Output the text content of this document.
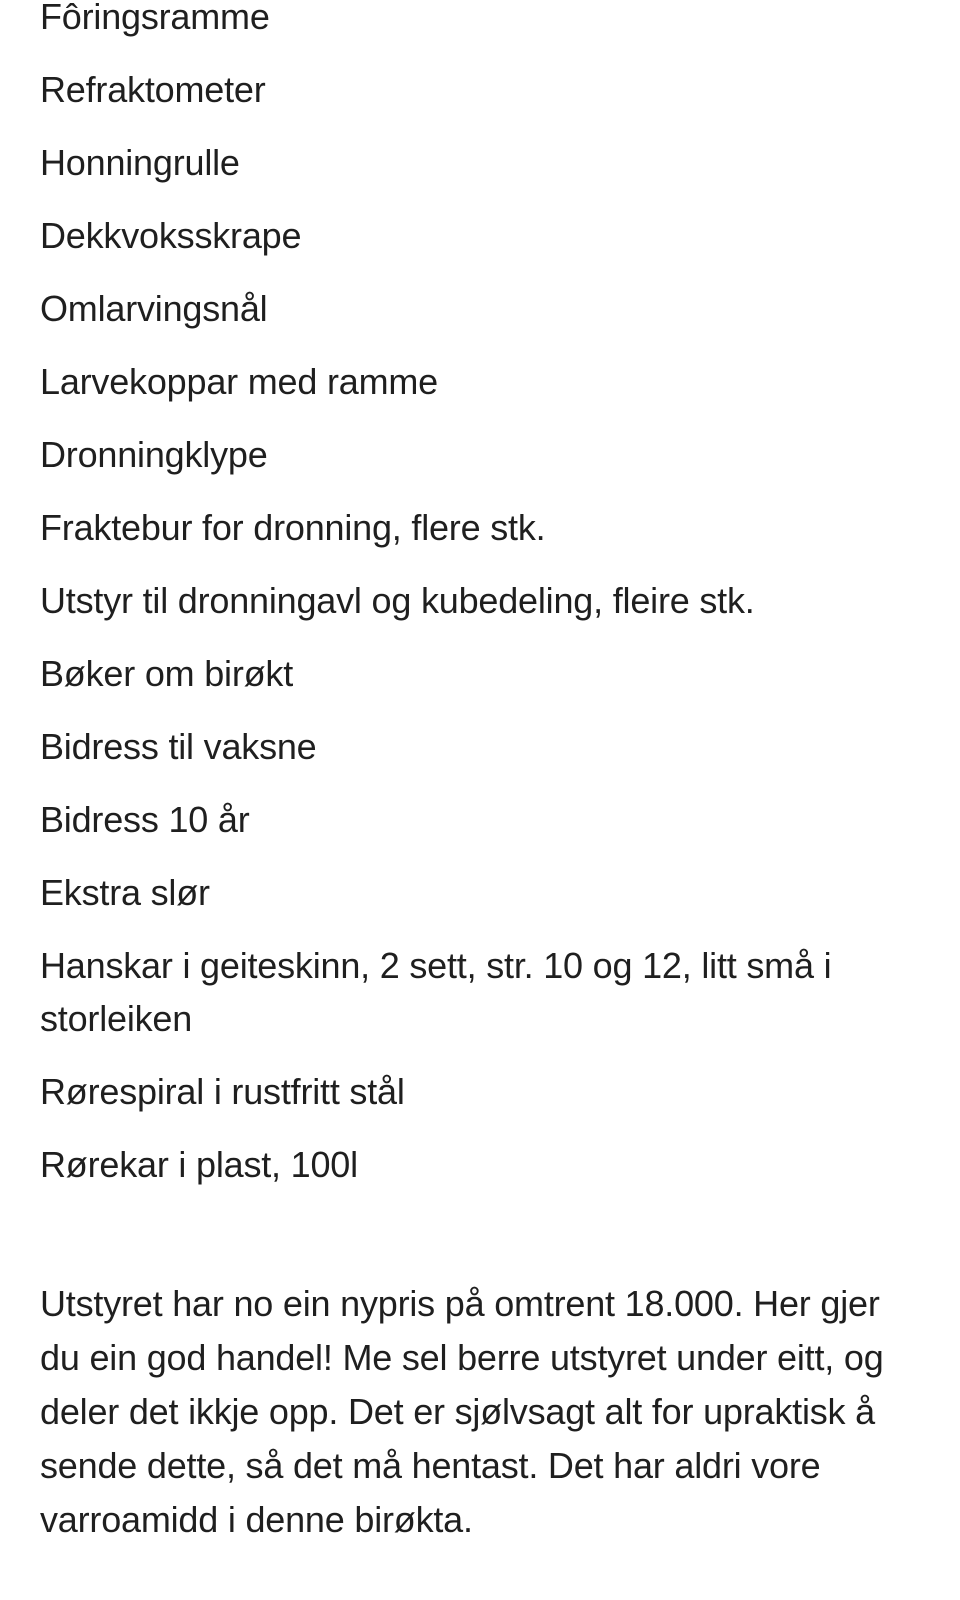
Fôringsramme
Refraktometer
Honningrulle
Dekkvoksskrape
Omlarvingsnål
Larvekoppar med ramme
Dronningklype
Fraktebur for dronning, flere stk.
Utstyr til dronningavl og kubedeling, fleire stk.
Bøker om birøkt
Bidress til vaksne
Bidress 10 år
Ekstra slør
Hanskar i geiteskinn, 2 sett, str. 10 og 12, litt små i storleiken
Rørespiral i rustfritt stål
Rørekar i plast, 100l
Utstyret har no ein nypris på omtrent 18.000. Her gjer du ein god handel! Me sel berre utstyret under eitt, og deler det ikkje opp. Det er sjølvsagt alt for upraktisk å sende dette, så det må hentast. Det har aldri vore varroamidd i denne birøkta.
